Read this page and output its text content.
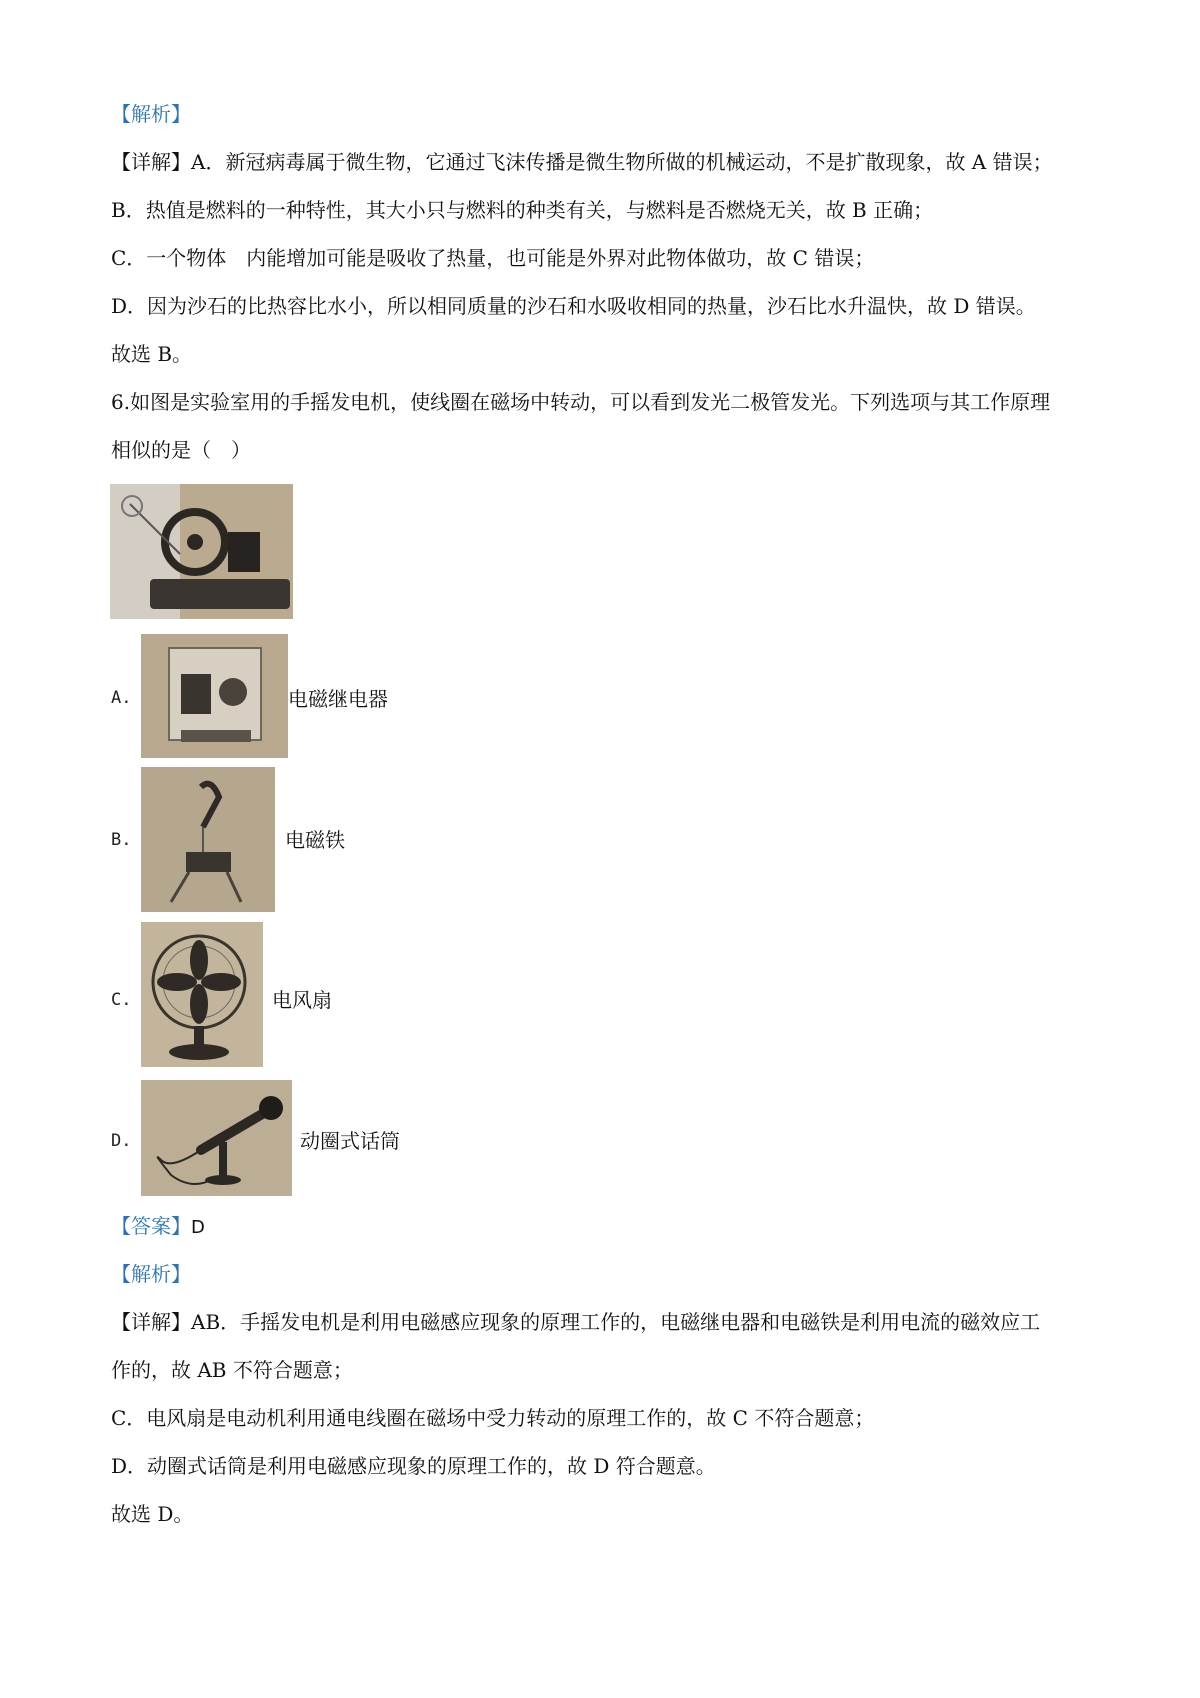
【解析】
【详解】A．新冠病毒属于微生物，它通过飞沫传播是微生物所做的机械运动，不是扩散现象，故 A 错误；
B．热值是燃料的一种特性，其大小只与燃料的种类有关，与燃料是否燃烧无关，故 B 正确；
C．一个物体　内能增加可能是吸收了热量，也可能是外界对此物体做功，故 C 错误；
D．因为沙石的比热容比水小，所以相同质量的沙石和水吸收相同的热量，沙石比水升温快，故 D 错误。
故选 B。
6.如图是实验室用的手摇发电机，使线圈在磁场中转动，可以看到发光二极管发光。下列选项与其工作原理
相似的是（　）
A.	电磁继电器
B.	电磁铁
C.	电风扇
D.	动圈式话筒
【答案】D
【解析】
【详解】AB．手摇发电机是利用电磁感应现象的原理工作的，电磁继电器和电磁铁是利用电流的磁效应工
作的，故 AB 不符合题意；
C．电风扇是电动机利用通电线圈在磁场中受力转动的原理工作的，故 C 不符合题意；
D．动圈式话筒是利用电磁感应现象的原理工作的，故 D 符合题意。
故选 D。
